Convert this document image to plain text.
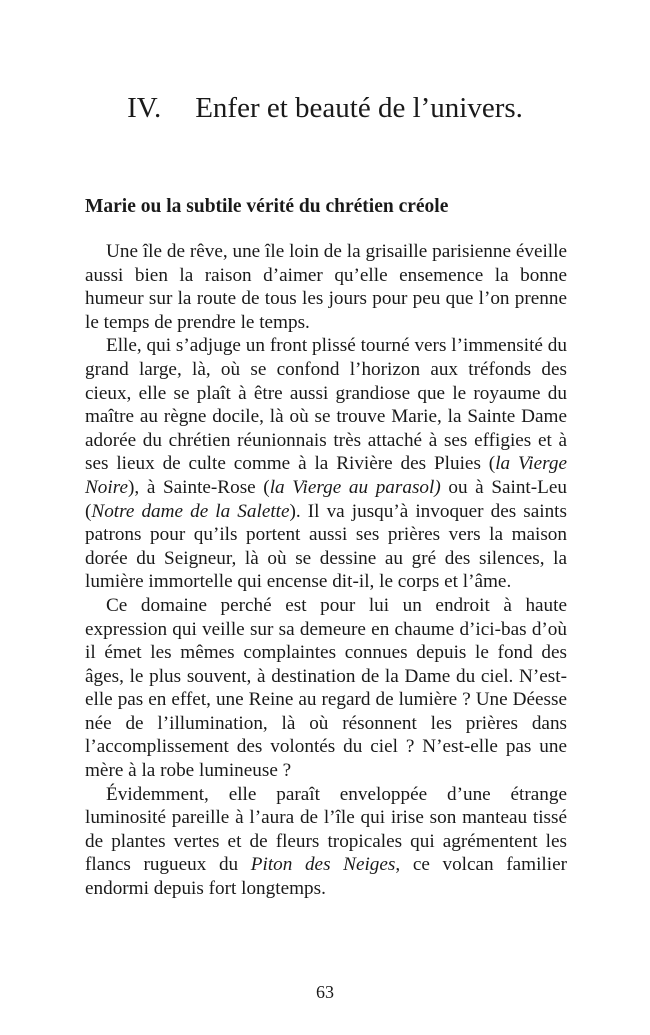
IV. Enfer et beauté de l’univers.
Marie ou la subtile vérité du chrétien créole

Une île de rêve, une île loin de la grisaille parisienne éveille aussi bien la raison d’aimer qu’elle ensemence la bonne humeur sur la route de tous les jours pour peu que l’on prenne le temps de prendre le temps.

Elle, qui s’adjuge un front plissé tourné vers l’immensité du grand large, là, où se confond l’horizon aux tréfonds des cieux, elle se plaît à être aussi grandiose que le royaume du maître au règne docile, là où se trouve Marie, la Sainte Dame adorée du chrétien réunionnais très attaché à ses effigies et à ses lieux de culte comme à la Rivière des Pluies (la Vierge Noire), à Sainte-Rose (la Vierge au parasol) ou à Saint-Leu (Notre dame de la Salette). Il va jusqu’à invoquer des saints patrons pour qu’ils portent aussi ses prières vers la maison dorée du Seigneur, là où se dessine au gré des silences, la lumière immortelle qui encense dit-il, le corps et l’âme.

Ce domaine perché est pour lui un endroit à haute expression qui veille sur sa demeure en chaume d’ici-bas d’où il émet les mêmes complaintes connues depuis le fond des âges, le plus souvent, à destination de la Dame du ciel. N’est-elle pas en effet, une Reine au regard de lumière ? Une Déesse née de l’illumination, là où résonnent les prières dans l’accomplissement des volontés du ciel ? N’est-elle pas une mère à la robe lumineuse ?

Évidemment, elle paraît enveloppée d’une étrange luminosité pareille à l’aura de l’île qui irise son manteau tissé de plantes vertes et de fleurs tropicales qui agrémentent les flancs rugueux du Piton des Neiges, ce volcan familier endormi depuis fort longtemps.

63
